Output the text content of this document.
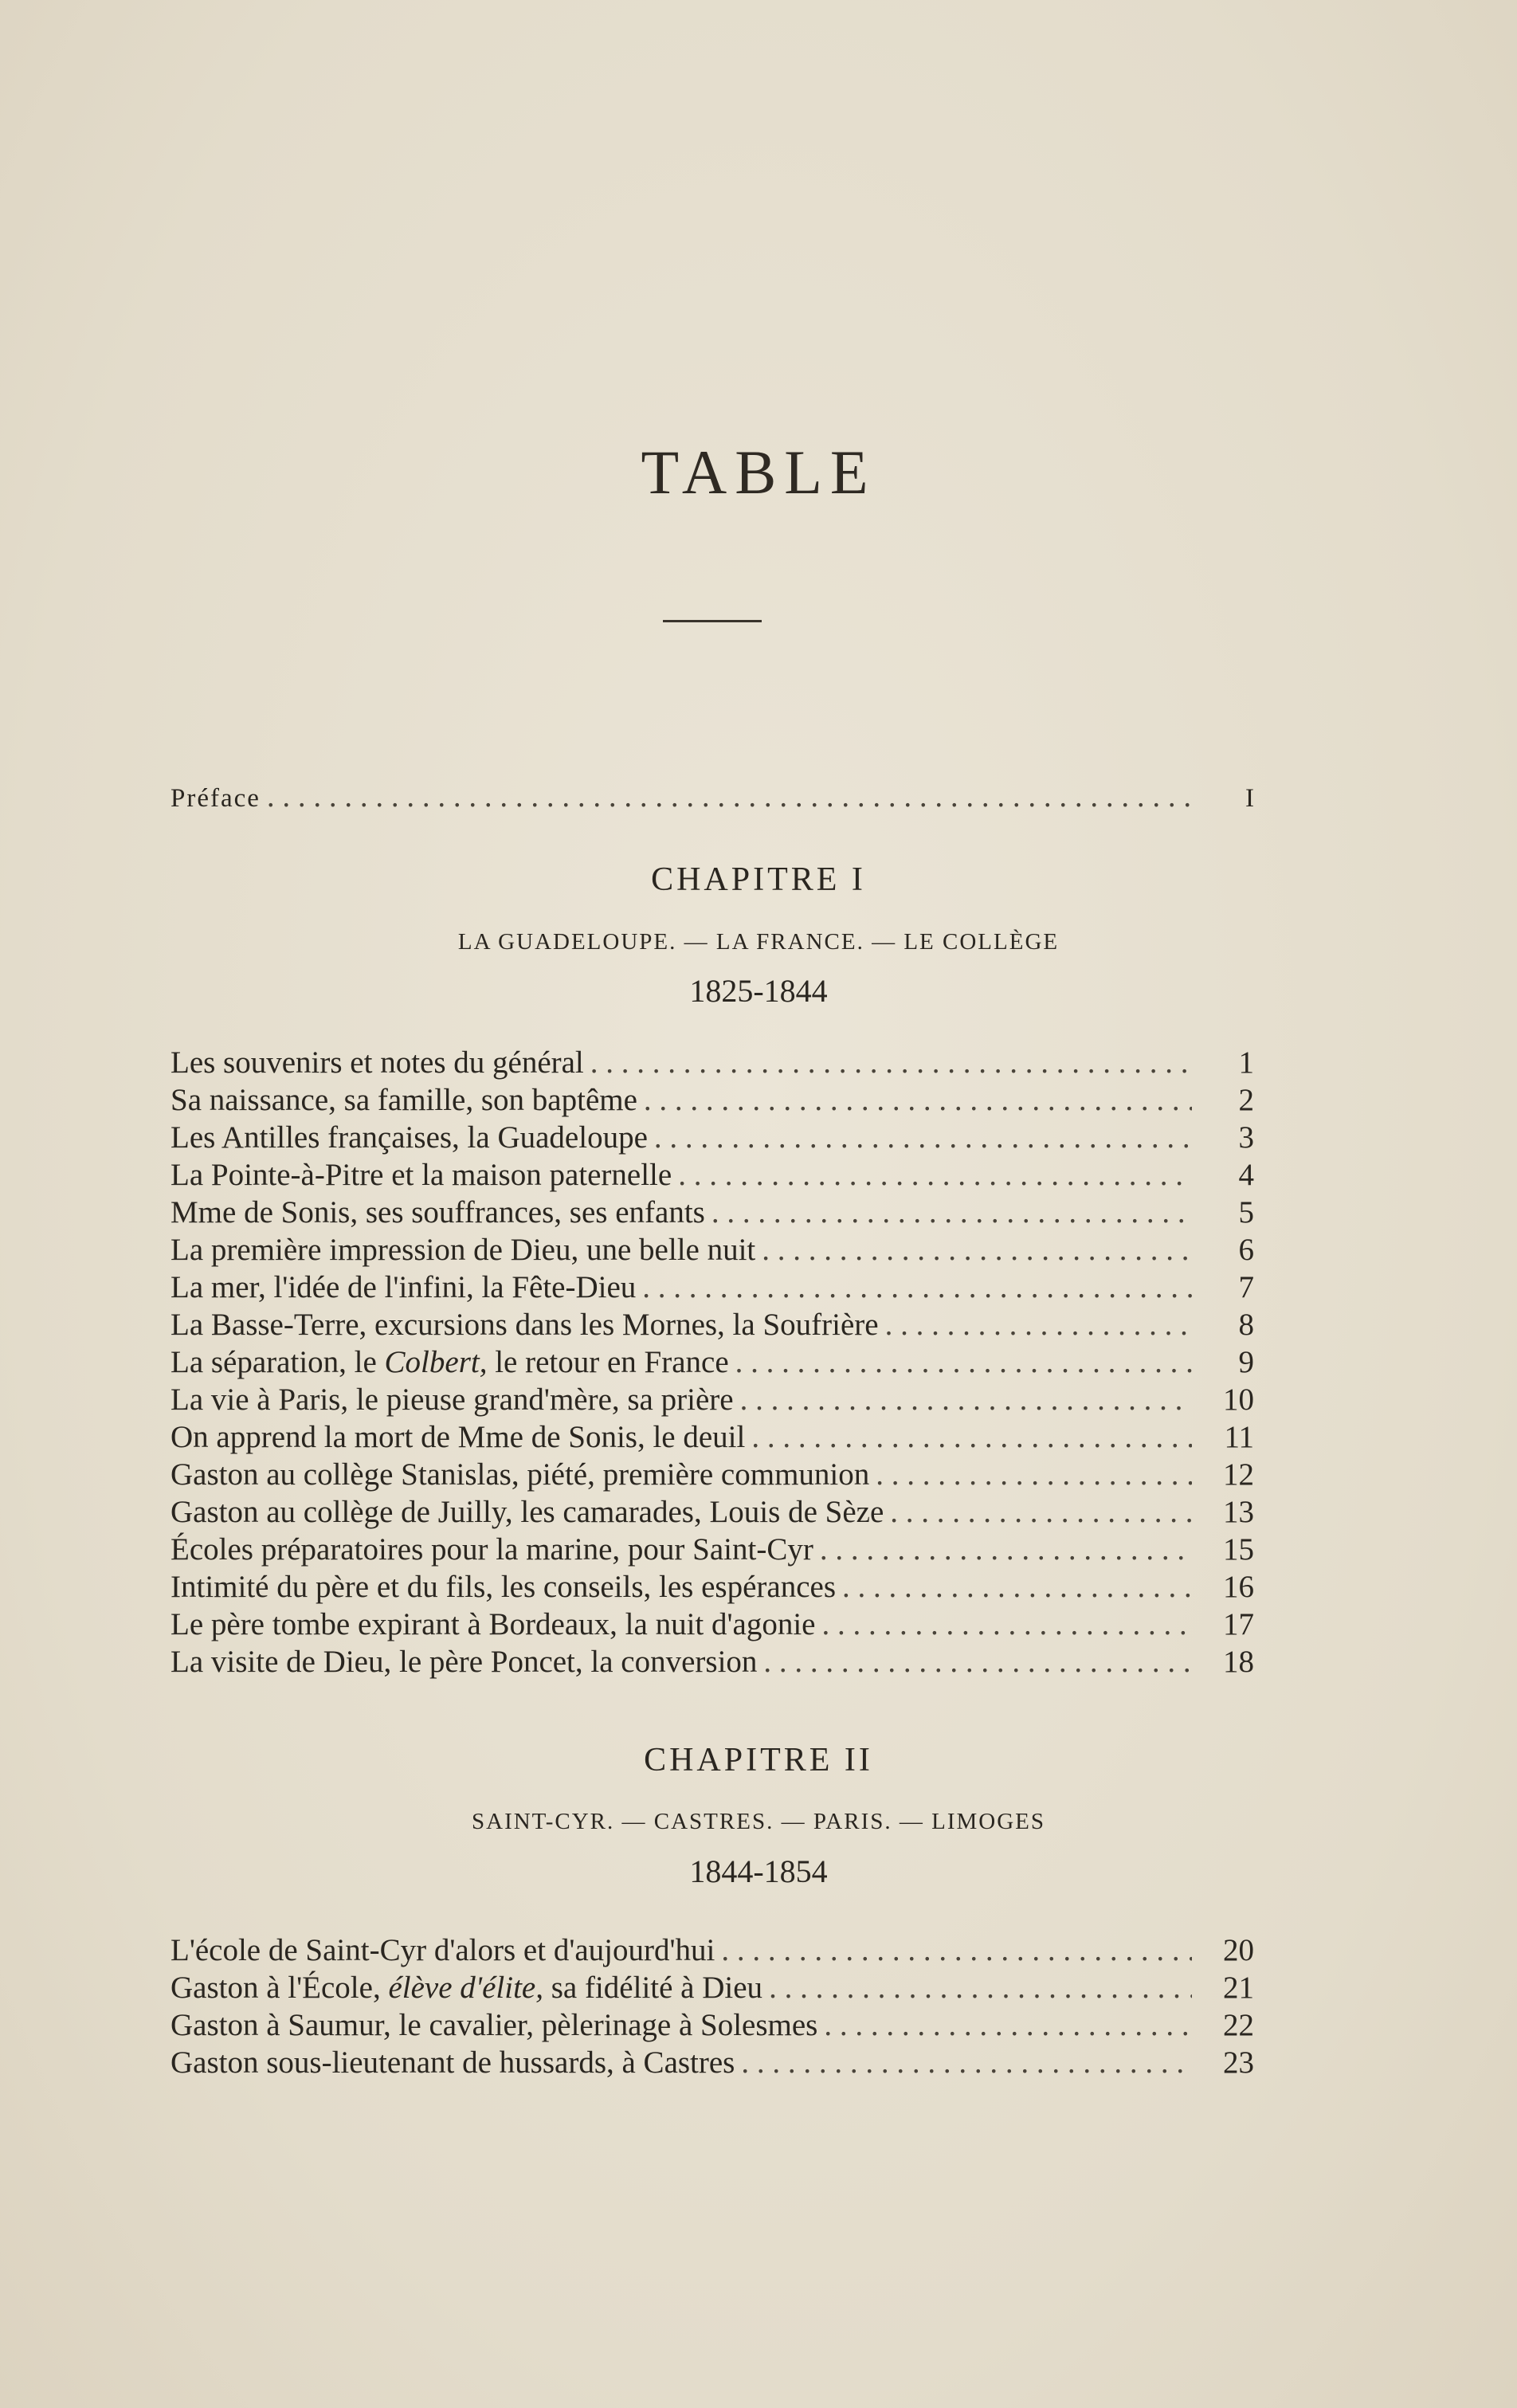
TABLE
Préface . . .	I
CHAPITRE I
LA GUADELOUPE. — LA FRANCE. — LE COLLÈGE
1825-1844
Les souvenirs et notes du général . . .	1
Sa naissance, sa famille, son baptême . . .	2
Les Antilles françaises, la Guadeloupe . . .	3
La Pointe-à-Pitre et la maison paternelle . . .	4
Mme de Sonis, ses souffrances, ses enfants . . .	5
La première impression de Dieu, une belle nuit . . .	6
La mer, l'idée de l'infini, la Fête-Dieu . . .	7
La Basse-Terre, excursions dans les Mornes, la Soufrière . . .	8
La séparation, le Colbert, le retour en France . . .	9
La vie à Paris, le pieuse grand'mère, sa prière . . .	10
On apprend la mort de Mme de Sonis, le deuil . . .	11
Gaston au collège Stanislas, piété, première communion . . .	12
Gaston au collège de Juilly, les camarades, Louis de Sèze . . .	13
Écoles préparatoires pour la marine, pour Saint-Cyr . . .	15
Intimité du père et du fils, les conseils, les espérances . . .	16
Le père tombe expirant à Bordeaux, la nuit d'agonie . . .	17
La visite de Dieu, le père Poncet, la conversion . . .	18
CHAPITRE II
SAINT-CYR. — CASTRES. — PARIS. — LIMOGES
1844-1854
L'école de Saint-Cyr d'alors et d'aujourd'hui . . .	20
Gaston à l'École, élève d'élite, sa fidélité à Dieu . . .	21
Gaston à Saumur, le cavalier, pèlerinage à Solesmes . . .	22
Gaston sous-lieutenant de hussards, à Castres . . .	23
